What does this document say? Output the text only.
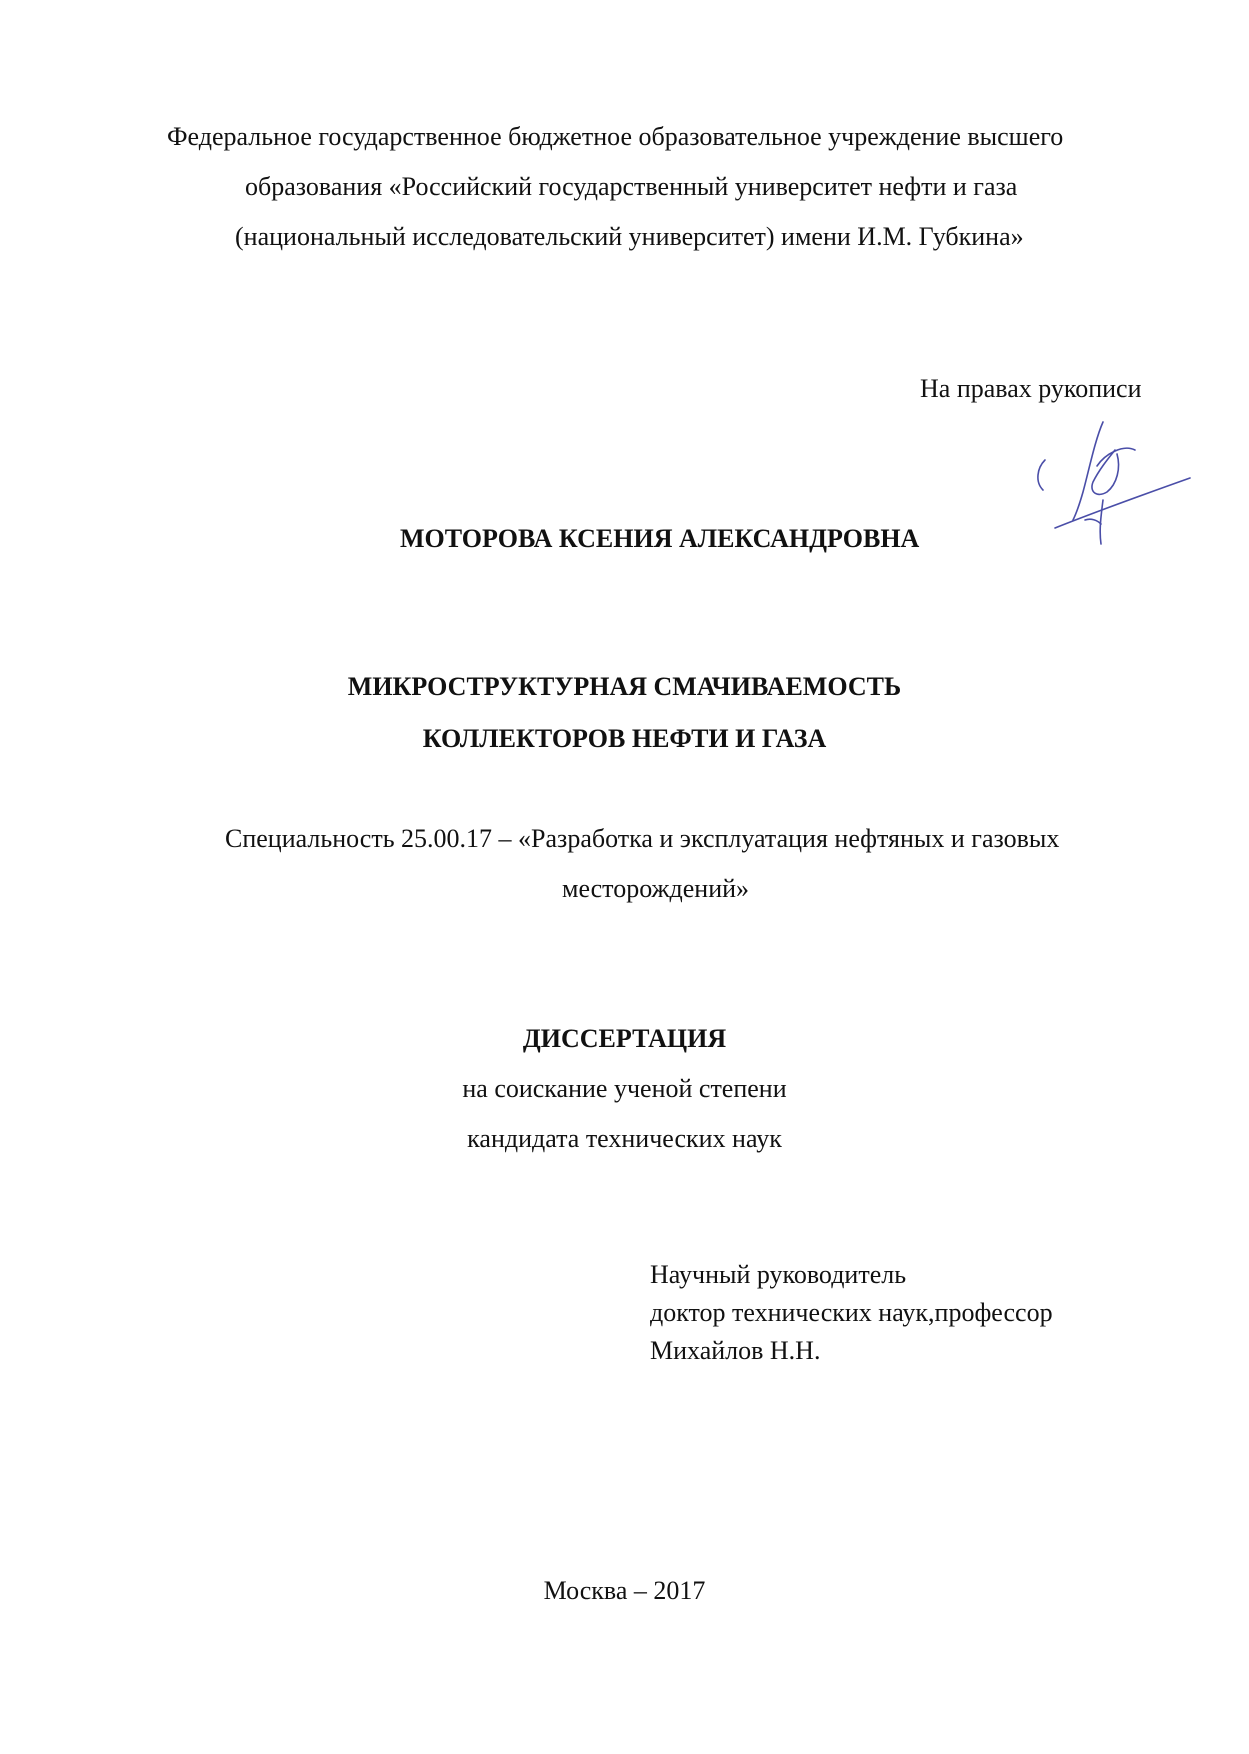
Федеральное государственное бюджетное образовательное учреждение высшего
образования «Российский государственный университет нефти и газа
(национальный исследовательский университет) имени И.М. Губкина»
На правах рукописи
МОТОРОВА КСЕНИЯ АЛЕКСАНДРОВНА
МИКРОСТРУКТУРНАЯ СМАЧИВАЕМОСТЬ
КОЛЛЕКТОРОВ НЕФТИ И ГАЗА
Специальность 25.00.17 – «Разработка и эксплуатация нефтяных и газовых
месторождений»
ДИССЕРТАЦИЯ
на соискание ученой степени
кандидата технических наук
Научный руководитель
доктор технических наук,профессор
Михайлов Н.Н.
Москва – 2017
